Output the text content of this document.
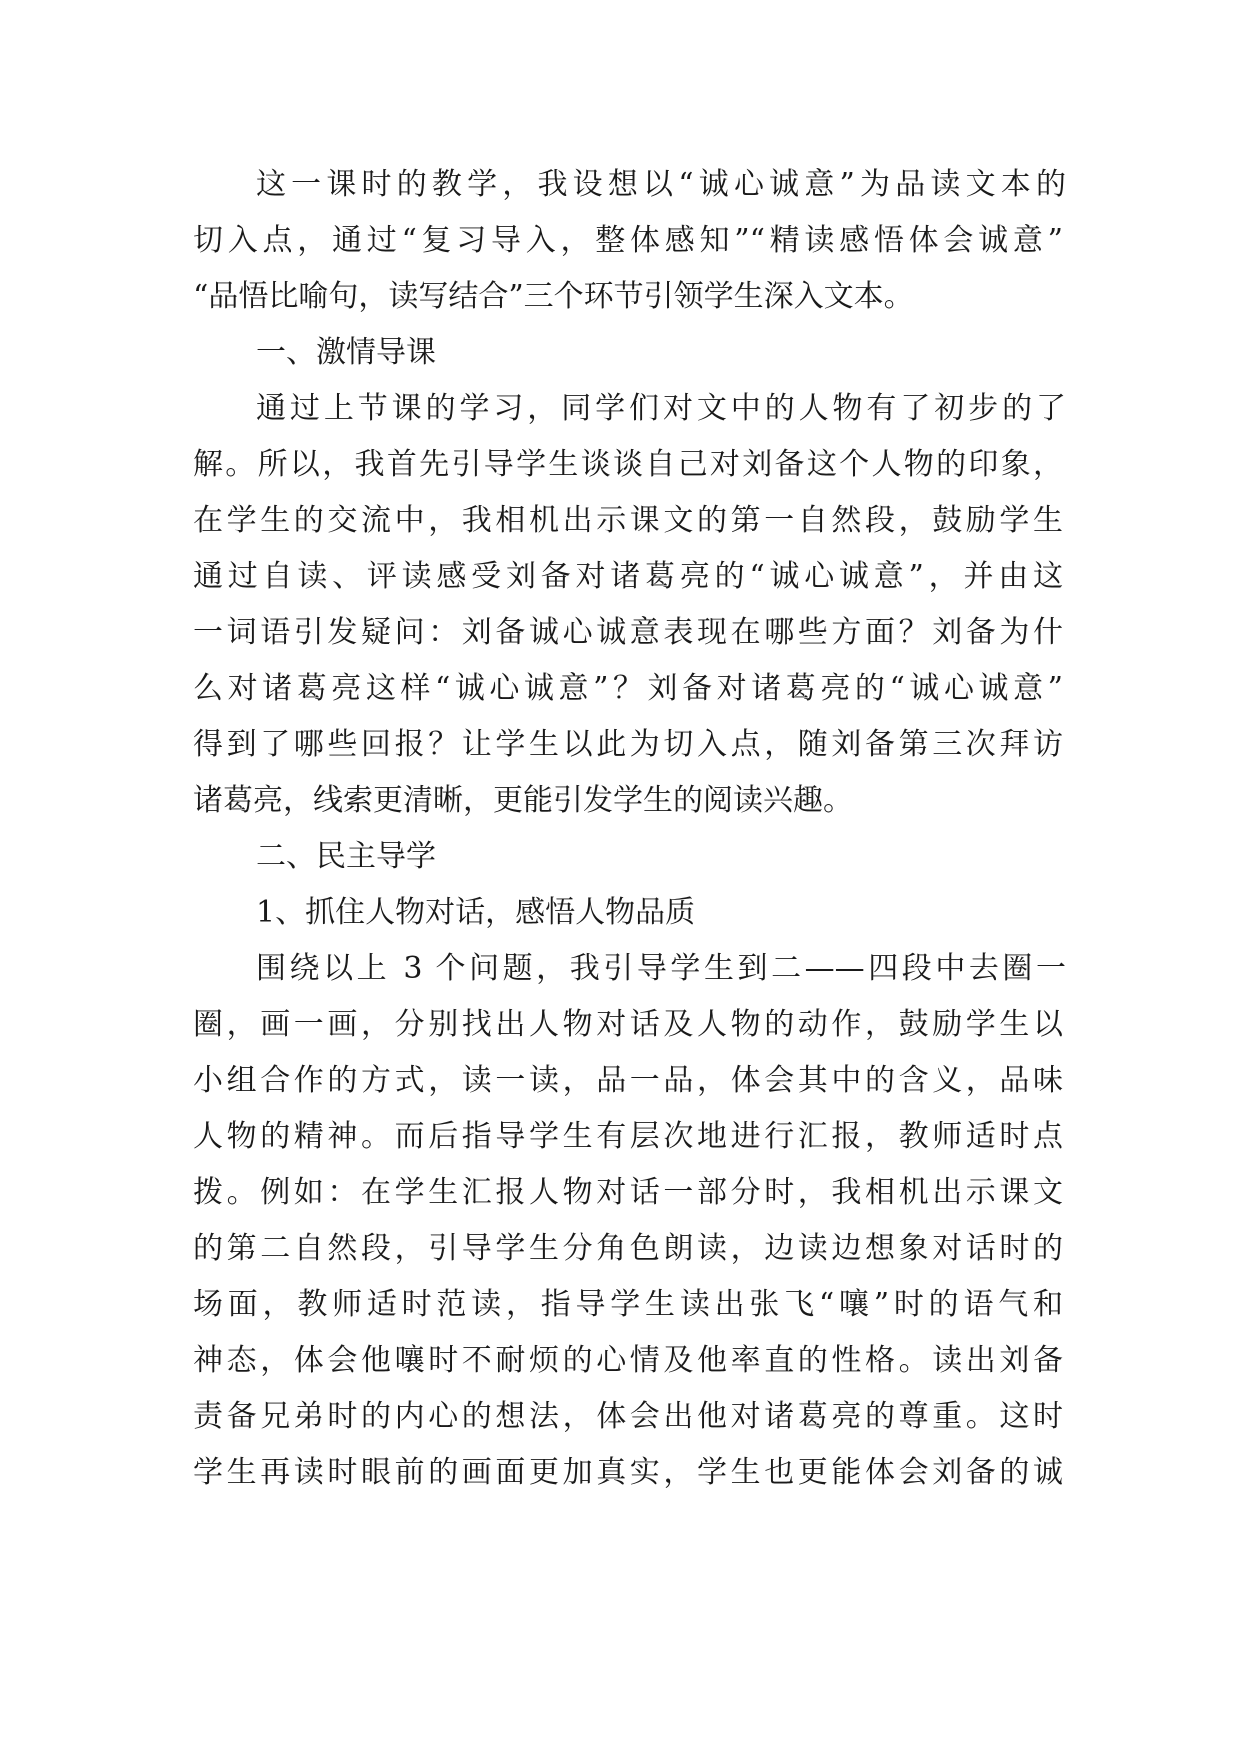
这一课时的教学，我设想以“诚心诚意”为品读文本的
切入点，通过“复习导入，整体感知”“精读感悟体会诚意”
“品悟比喻句，读写结合”三个环节引领学生深入文本。
一、激情导课
通过上节课的学习，同学们对文中的人物有了初步的了
解。所以，我首先引导学生谈谈自己对刘备这个人物的印象，
在学生的交流中，我相机出示课文的第一自然段，鼓励学生
通过自读、评读感受刘备对诸葛亮的“诚心诚意”，并由这
一词语引发疑问：刘备诚心诚意表现在哪些方面？刘备为什
么对诸葛亮这样“诚心诚意”？刘备对诸葛亮的“诚心诚意”
得到了哪些回报？让学生以此为切入点，随刘备第三次拜访
诸葛亮，线索更清晰，更能引发学生的阅读兴趣。
二、民主导学
1、抓住人物对话，感悟人物品质
围绕以上 3 个问题，我引导学生到二——四段中去圈一
圈，画一画，分别找出人物对话及人物的动作，鼓励学生以
小组合作的方式，读一读，品一品，体会其中的含义，品味
人物的精神。而后指导学生有层次地进行汇报，教师适时点
拨。例如：在学生汇报人物对话一部分时，我相机出示课文
的第二自然段，引导学生分角色朗读，边读边想象对话时的
场面，教师适时范读，指导学生读出张飞“嚷”时的语气和
神态，体会他嚷时不耐烦的心情及他率直的性格。读出刘备
责备兄弟时的内心的想法，体会出他对诸葛亮的尊重。这时
学生再读时眼前的画面更加真实，学生也更能体会刘备的诚
